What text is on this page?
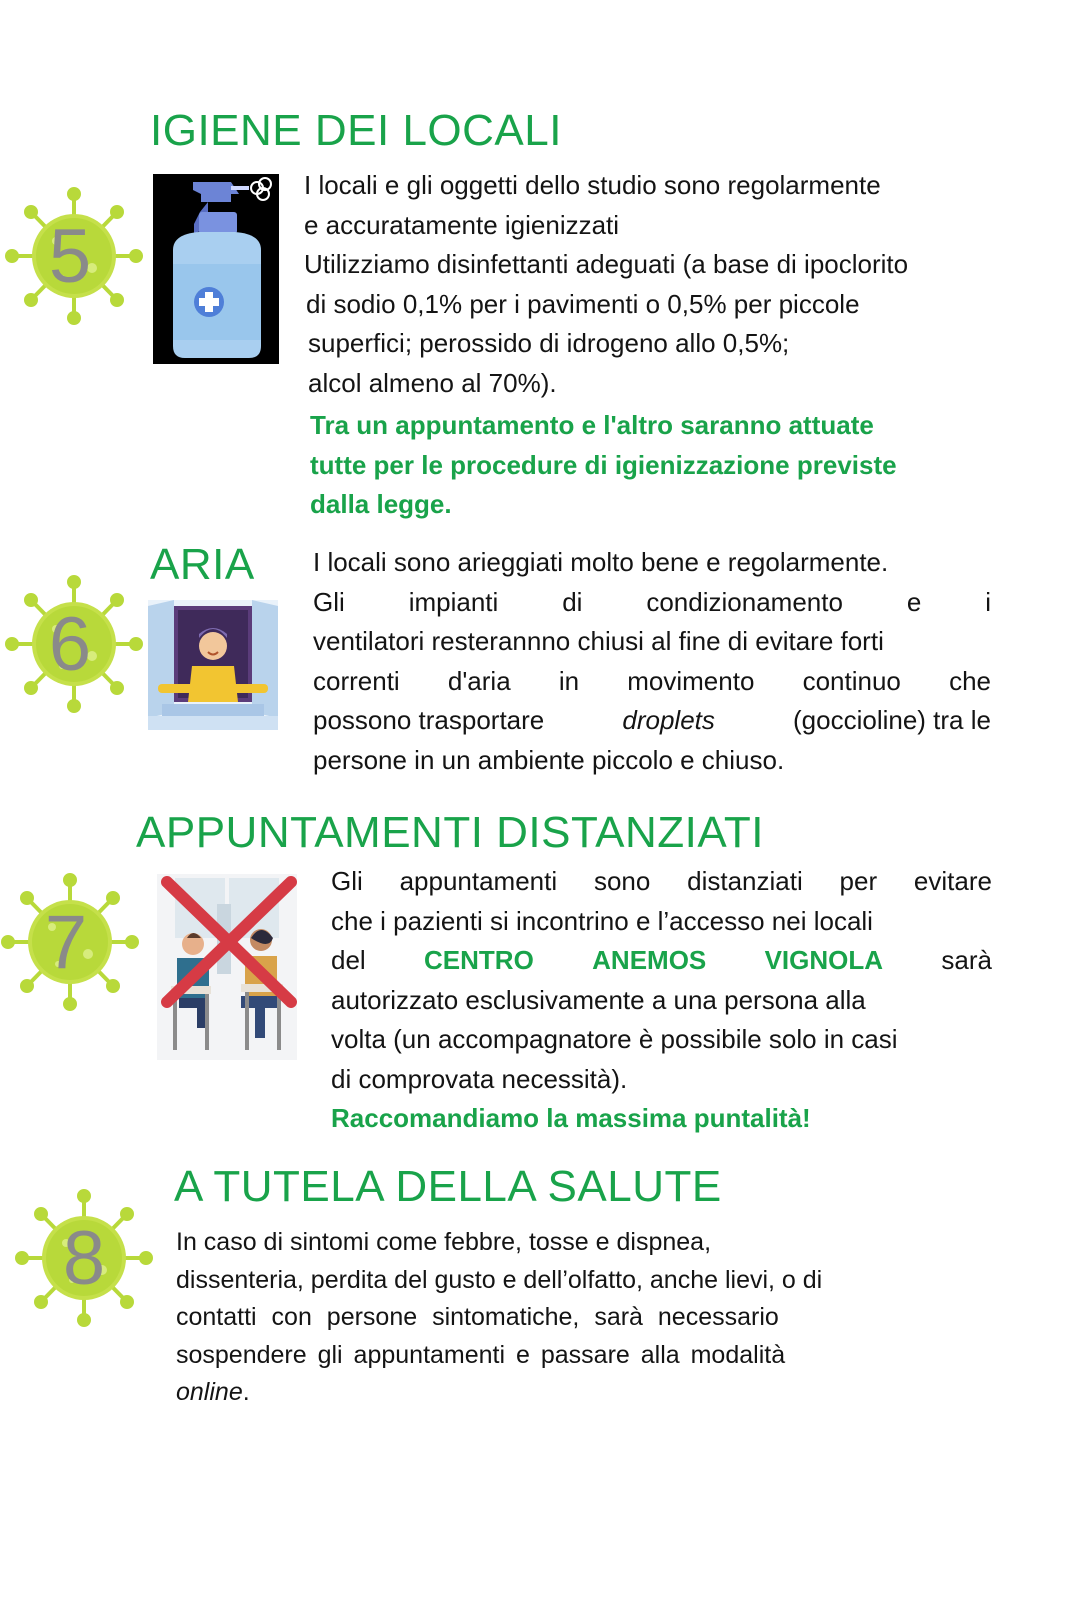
IGIENE DEI LOCALI
5
I locali e gli oggetti dello studio sono regolarmente
e accuratamente igienizzati
Utilizziamo disinfettanti adeguati (a base di ipoclorito
di sodio 0,1% per i pavimenti o 0,5% per piccole
superfici; perossido di idrogeno allo 0,5%;
alcol almeno al 70%).
Tra un appuntamento e l'altro saranno attuate
tutte per le procedure di igienizzazione previste
dalla legge.
ARIA
6
I locali sono arieggiati molto bene e regolarmente.
Gli impianti di condizionamento e i
ventilatori resterannno chiusi al fine di evitare forti
correnti d'aria in movimento continuo che
possono trasportare	droplets	(goccioline) tra le
persone in un ambiente piccolo e chiuso.
APPUNTAMENTI DISTANZIATI
7
Gli appuntamenti sono distanziati per evitare
che i pazienti si incontrino e l’accesso nei locali
del CENTRO ANEMOS VIGNOLA sarà
autorizzato esclusivamente a una persona alla
volta (un accompagnatore è possibile solo in casi
di comprovata necessità).
Raccomandiamo la massima puntalità!
A TUTELA DELLA SALUTE
8	In caso di sintomi come febbre, tosse e dispnea,
dissenteria, perdita del gusto e dell’olfatto, anche lievi, o di
contatti con persone sintomatiche, sarà necessario
sospendere gli appuntamenti e passare alla modalità
online.
